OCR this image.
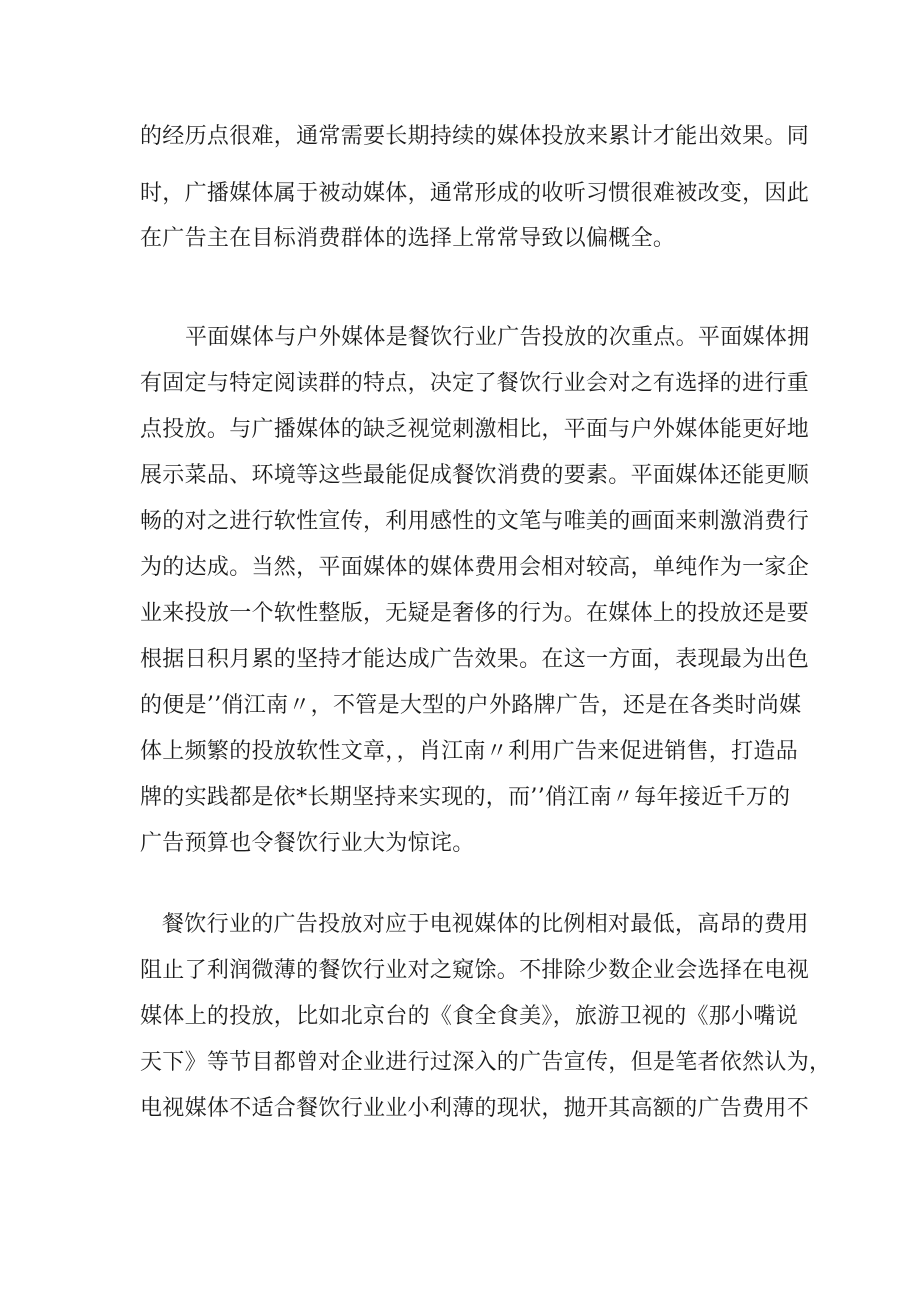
的经历点很难，通常需要长期持续的媒体投放来累计才能出效果。同
时，广播媒体属于被动媒体，通常形成的收听习惯很难被改变，因此
在广告主在目标消费群体的选择上常常导致以偏概全。
平面媒体与户外媒体是餐饮行业广告投放的次重点。平面媒体拥
有固定与特定阅读群的特点，决定了餐饮行业会对之有选择的进行重
点投放。与广播媒体的缺乏视觉刺激相比，平面与户外媒体能更好地
展示菜品、环境等这些最能促成餐饮消费的要素。平面媒体还能更顺
畅的对之进行软性宣传，利用感性的文笔与唯美的画面来刺激消费行
为的达成。当然，平面媒体的媒体费用会相对较高，单纯作为一家企
业来投放一个软性整版，无疑是奢侈的行为。在媒体上的投放还是要
根据日积月累的坚持才能达成广告效果。在这一方面，表现最为出色
的便是’’俏江南〃，不管是大型的户外路牌广告，还是在各类时尚媒
体上频繁的投放软性文章，，肖江南〃利用广告来促进销售，打造品
牌的实践都是依*长期坚持来实现的，而’’俏江南〃每年接近千万的
广告预算也令餐饮行业大为惊诧。
餐饮行业的广告投放对应于电视媒体的比例相对最低，高昂的费用
阻止了利润微薄的餐饮行业对之窥馀。不排除少数企业会选择在电视
媒体上的投放，比如北京台的《食全食美》，旅游卫视的《那小嘴说
天下》等节目都曾对企业进行过深入的广告宣传，但是笔者依然认为，
电视媒体不适合餐饮行业业小利薄的现状，抛开其高额的广告费用不
